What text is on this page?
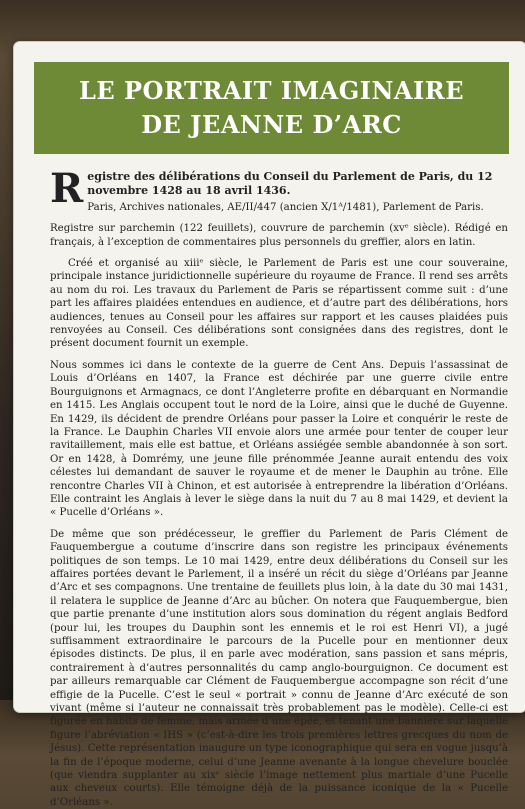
LE PORTRAIT IMAGINAIRE
DE JEANNE D’ARC
R egistre des délibérations du Conseil du Parlement de Paris, du 12 novembre 1428 au 18 avril 1436.
Paris, Archives nationales, AE/II/447 (ancien X/1ᴬ/1481), Parlement de Paris.
Registre sur parchemin (122 feuillets), couvrure de parchemin (xvᵉ siècle). Rédigé en français, à l’exception de commentaires plus personnels du greffier, alors en latin.
Créé et organisé au xiiiᵉ siècle, le Parlement de Paris est une cour souveraine, principale instance juridictionnelle supérieure du royaume de France. Il rend ses arrêts au nom du roi. Les travaux du Parlement de Paris se répartissent comme suit : d’une part les affaires plaidées entendues en audience, et d’autre part des délibérations, hors audiences, tenues au Conseil pour les affaires sur rapport et les causes plaidées puis renvoyées au Conseil. Ces délibérations sont consignées dans des registres, dont le présent document fournit un exemple.
Nous sommes ici dans le contexte de la guerre de Cent Ans. Depuis l’assassinat de Louis d’Orléans en 1407, la France est déchirée par une guerre civile entre Bourguignons et Armagnacs, ce dont l’Angleterre profite en débarquant en Normandie en 1415. Les Anglais occupent tout le nord de la Loire, ainsi que le duché de Guyenne. En 1429, ils décident de prendre Orléans pour passer la Loire et conquérir le reste de la France. Le Dauphin Charles VII envoie alors une armée pour tenter de couper leur ravitaillement, mais elle est battue, et Orléans assiégée semble abandonnée à son sort. Or en 1428, à Domrémy, une jeune fille prénommée Jeanne aurait entendu des voix célestes lui demandant de sauver le royaume et de mener le Dauphin au trône. Elle rencontre Charles VII à Chinon, et est autorisée à entreprendre la libération d’Orléans. Elle contraint les Anglais à lever le siège dans la nuit du 7 au 8 mai 1429, et devient la « Pucelle d’Orléans ».
De même que son prédécesseur, le greffier du Parlement de Paris Clément de Fauquembergue a coutume d’inscrire dans son registre les principaux événements politiques de son temps. Le 10 mai 1429, entre deux délibérations du Conseil sur les affaires portées devant le Parlement, il a inséré un récit du siège d’Orléans par Jeanne d’Arc et ses compagnons. Une trentaine de feuillets plus loin, à la date du 30 mai 1431, il relatera le supplice de Jeanne d’Arc au bûcher. On notera que Fauquembergue, bien que partie prenante d’une institution alors sous domination du régent anglais Bedford (pour lui, les troupes du Dauphin sont les ennemis et le roi est Henri VI), a jugé suffisamment extraordinaire le parcours de la Pucelle pour en mentionner deux épisodes distincts. De plus, il en parle avec modération, sans passion et sans mépris, contrairement à d’autres personnalités du camp anglo-bourguignon. Ce document est par ailleurs remarquable car Clément de Fauquembergue accompagne son récit d’une effigie de la Pucelle. C’est le seul « portrait » connu de Jeanne d’Arc exécuté de son vivant (même si l’auteur ne connaissait très probablement pas le modèle). Celle-ci est figurée en habits de femme, mais armée d’une épée, et tenant une bannière sur laquelle figure l’abréviation « IHS » (c’est-à-dire les trois premières lettres grecques du nom de Jésus). Cette représentation inaugure un type iconographique qui sera en vogue jusqu’à la fin de l’époque moderne, celui d’une Jeanne avenante à la longue chevelure bouclée (que viendra supplanter au xixᵉ siècle l’image nettement plus martiale d’une Pucelle aux cheveux courts). Elle témoigne déjà de la puissance iconique de la « Pucelle d’Orléans ».
